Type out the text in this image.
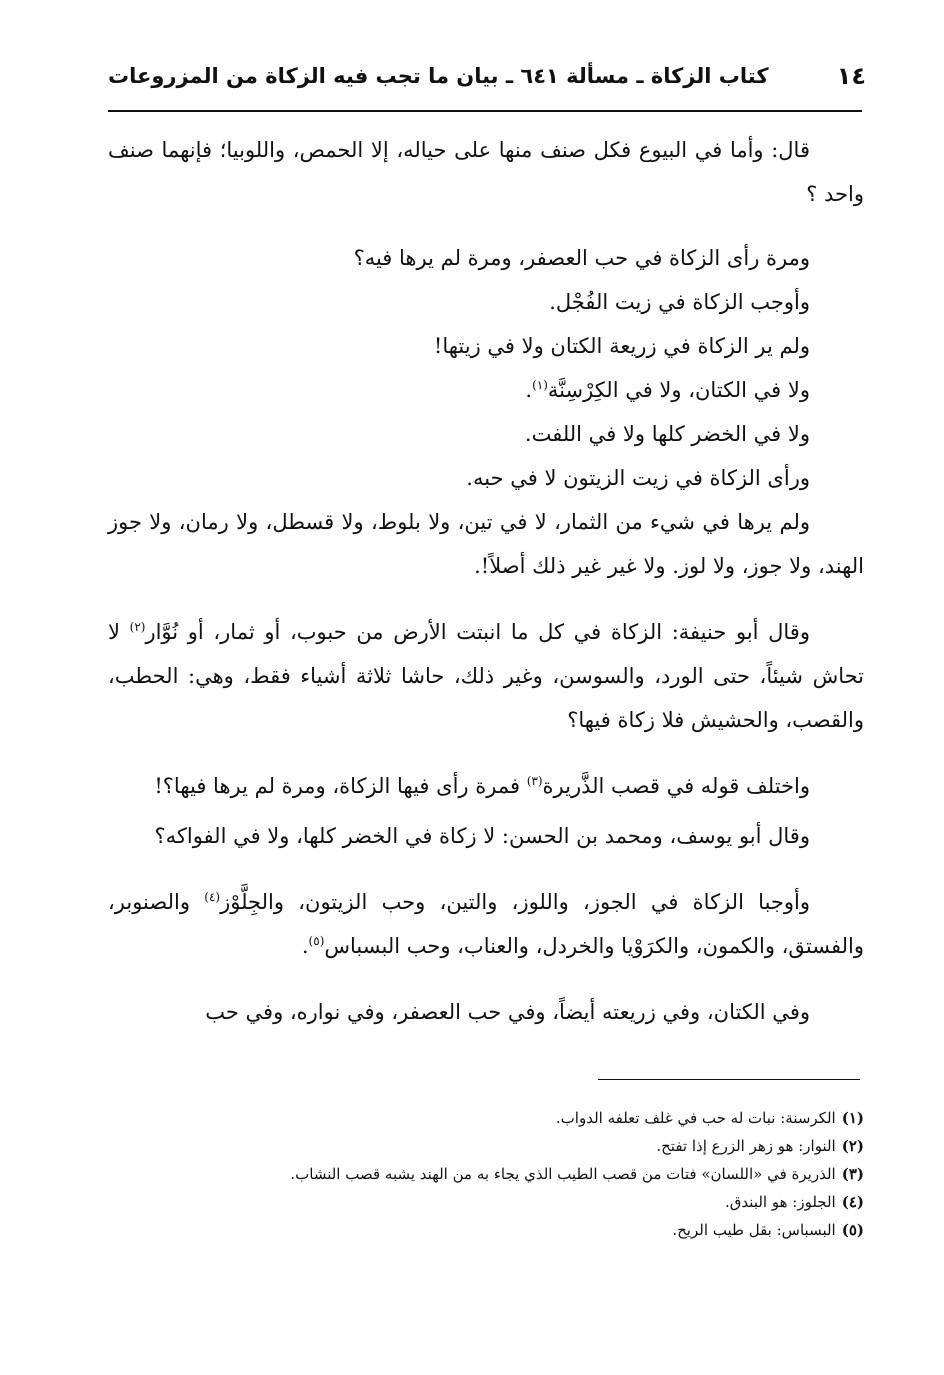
١٤
كتاب الزكاة ـ مسألة ٦٤١ ـ بيان ما تجب فيه الزكاة من المزروعات

قال: وأما في البيوع فكل صنف منها على حياله، إلا الحمص، واللوبيا؛ فإنهما صنف واحد ؟

ومرة رأى الزكاة في حب العصفر، ومرة لم يرها فيه؟
وأوجب الزكاة في زيت الفُجْل.
ولم ير الزكاة في زريعة الكتان ولا في زيتها!
ولا في الكتان، ولا في الكِرْسِنَّة$^{(١)}$.
ولا في الخضر كلها ولا في اللفت.
ورأى الزكاة في زيت الزيتون لا في حبه.

ولم يرها في شيء من الثمار، لا في تين، ولا بلوط، ولا قسطل، ولا رمان، ولا جوز الهند، ولا جوز، ولا لوز. ولا غير غير ذلك أصلاً!.

وقال أبو حنيفة: الزكاة في كل ما انبتت الأرض من حبوب، أو ثمار، أو نُوَّار$^{(٢)}$ لا تحاش شيئاً، حتى الورد، والسوسن، وغير ذلك، حاشا ثلاثة أشياء فقط، وهي: الحطب، والقصب، والحشيش فلا زكاة فيها؟

واختلف قوله في قصب الذَّريرة$^{(٣)}$ فمرة رأى فيها الزكاة، ومرة لم يرها فيها؟!

وقال أبو يوسف، ومحمد بن الحسن: لا زكاة في الخضر كلها، ولا في الفواكه؟

وأوجبا الزكاة في الجوز، واللوز، والتين، وحب الزيتون، والجِلَّوْز$^{(٤)}$ والصنوبر، والفستق، والكمون، والكرَوْيا والخردل، والعناب، وحب البسباس$^{(٥)}$.

وفي الكتان، وفي زريعته أيضاً، وفي حب العصفر، وفي نواره، وفي حب

(١)الكرسنة: نبات له حب في غلف تعلفه الدواب.
(٢)النوار: هو زهر الزرع إذا تفتح.
(٣)الذريرة في «اللسان» فتات من قصب الطيب الذي يجاء به من الهند يشبه قصب النشاب.
(٤)الجلوز: هو البندق.
(٥)البسباس: بقل طيب الريح.
